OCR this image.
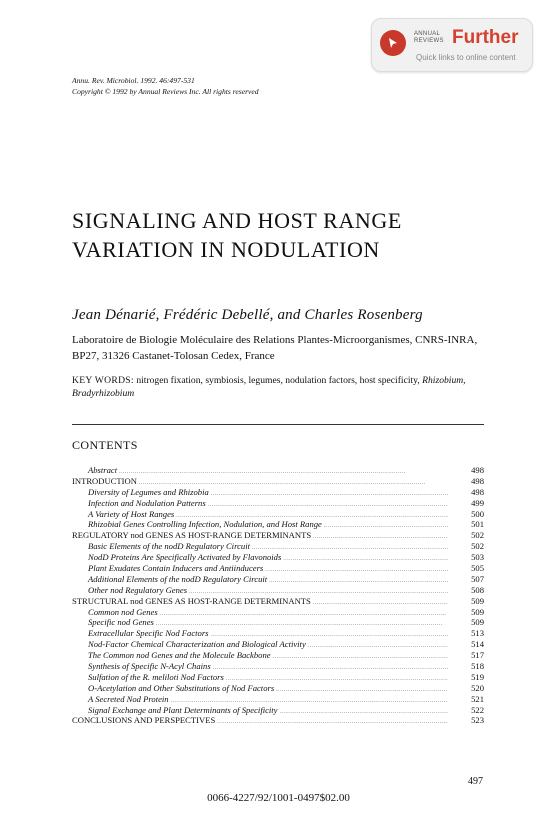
ANNUAL REVIEWS Further
Quick links to online content
Annu. Rev. Microbiol. 1992. 46:497-531
Copyright © 1992 by Annual Reviews Inc. All rights reserved
SIGNALING AND HOST RANGE
VARIATION IN NODULATION
Jean Dénarié, Frédéric Debellé, and Charles Rosenberg
Laboratoire de Biologie Moléculaire des Relations Plantes-Microorganismes, CNRS-INRA, BP27, 31326 Castanet-Tolosan Cedex, France
KEY WORDS: nitrogen fixation, symbiosis, legumes, nodulation factors, host specificity, Rhizobium, Bradyrhizobium
CONTENTS
Abstract . . .	498
INTRODUCTION . . .	498
Diversity of Legumes and Rhizobia . . .	498
Infection and Nodulation Patterns . . .	499
A Variety of Host Ranges . . .	500
Rhizobial Genes Controlling Infection, Nodulation, and Host Range . . .	501
REGULATORY nod GENES AS HOST-RANGE DETERMINANTS . . .	502
Basic Elements of the nodD Regulatory Circuit . . .	502
NodD Proteins Are Specifically Activated by Flavonoids . . .	503
Plant Exudates Contain Inducers and Antiinducers . . .	505
Additional Elements of the nodD Regulatory Circuit . . .	507
Other nod Regulatory Genes . . .	508
STRUCTURAL nod GENES AS HOST-RANGE DETERMINANTS . . .	509
Common nod Genes . . .	509
Specific nod Genes . . .	509
Extracellular Specific Nod Factors . . .	513
Nod-Factor Chemical Characterization and Biological Activity . . .	514
The Common nod Genes and the Molecule Backbone . . .	517
Synthesis of Specific N-Acyl Chains . . .	518
Sulfation of the R. meliloti Nod Factors . . .	519
O-Acetylation and Other Substitutions of Nod Factors . . .	520
A Secreted Nod Protein . . .	521
Signal Exchange and Plant Determinants of Specificity . . .	522
CONCLUSIONS AND PERSPECTIVES . . .	523
497
0066-4227/92/1001-0497$02.00
